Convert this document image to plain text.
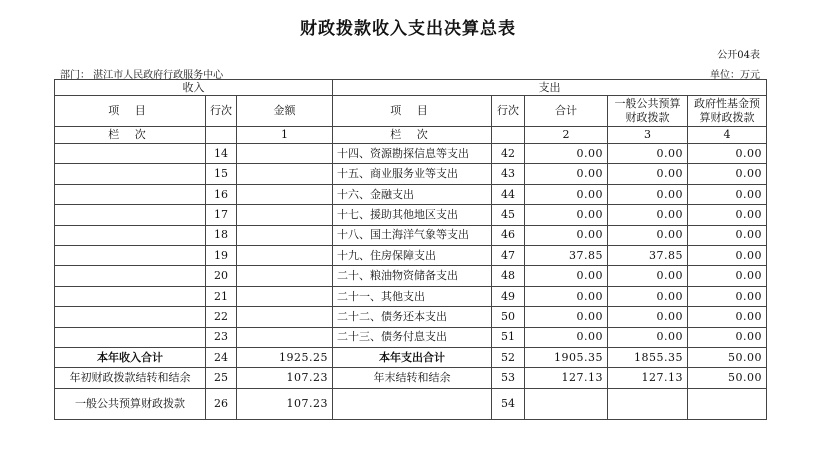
财政拨款收入支出决算总表
公开04表
部门： 湛江市人民政府行政服务中心	单位：万元
收入			支出				
项 目	行次	金额	项 目	行次	合计	一般公共预算财政拨款	政府性基金预算财政拨款
栏 次		1	栏 次		2	3	4
	14		十四、资源勘探信息等支出	42	0.00	0.00	0.00
	15		十五、商业服务业等支出	43	0.00	0.00	0.00
	16		十六、金融支出	44	0.00	0.00	0.00
	17		十七、援助其他地区支出	45	0.00	0.00	0.00
	18		十八、国土海洋气象等支出	46	0.00	0.00	0.00
	19		十九、住房保障支出	47	37.85	37.85	0.00
	20		二十、粮油物资储备支出	48	0.00	0.00	0.00
	21		二十一、其他支出	49	0.00	0.00	0.00
	22		二十二、债务还本支出	50	0.00	0.00	0.00
	23		二十三、债务付息支出	51	0.00	0.00	0.00
本年收入合计	24	1925.25	本年支出合计	52	1905.35	1855.35	50.00
年初财政拨款结转和结余	25	107.23	年末结转和结余	53	127.13	127.13	50.00
一般公共预算财政拨款	26	107.23		54			
